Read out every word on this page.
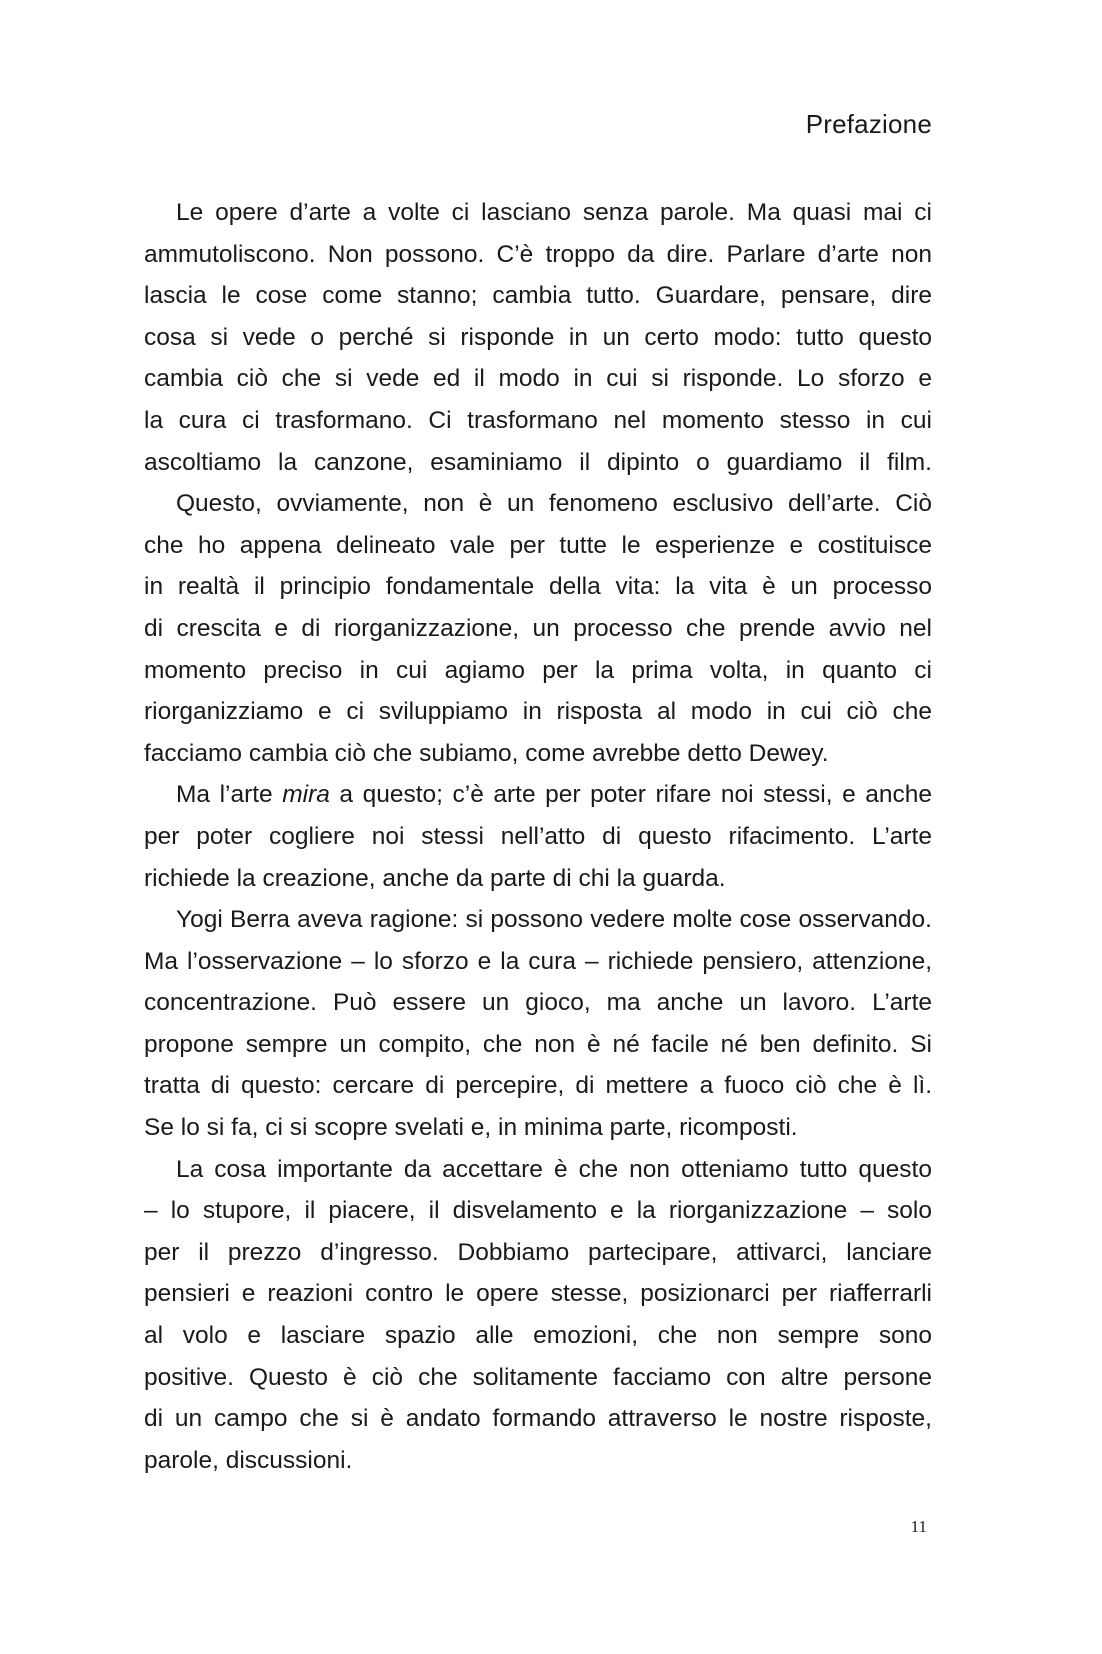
Prefazione
Le opere d’arte a volte ci lasciano senza parole. Ma quasi mai ci
ammutoliscono. Non possono. C’è troppo da dire. Parlare d’arte non
lascia le cose come stanno; cambia tutto. Guardare, pensare, dire
cosa si vede o perché si risponde in un certo modo: tutto questo
cambia ciò che si vede ed il modo in cui si risponde. Lo sforzo e
la cura ci trasformano. Ci trasformano nel momento stesso in cui
ascoltiamo la canzone, esaminiamo il dipinto o guardiamo il film.
Questo, ovviamente, non è un fenomeno esclusivo dell’arte. Ciò
che ho appena delineato vale per tutte le esperienze e costituisce
in realtà il principio fondamentale della vita: la vita è un processo
di crescita e di riorganizzazione, un processo che prende avvio nel
momento preciso in cui agiamo per la prima volta, in quanto ci
riorganizziamo e ci sviluppiamo in risposta al modo in cui ciò che
facciamo cambia ciò che subiamo, come avrebbe detto Dewey.
Ma l’arte mira a questo; c’è arte per poter rifare noi stessi, e anche
per poter cogliere noi stessi nell’atto di questo rifacimento. L’arte
richiede la creazione, anche da parte di chi la guarda.
Yogi Berra aveva ragione: si possono vedere molte cose osservando.
Ma l’osservazione – lo sforzo e la cura – richiede pensiero, attenzione,
concentrazione. Può essere un gioco, ma anche un lavoro. L’arte
propone sempre un compito, che non è né facile né ben definito. Si
tratta di questo: cercare di percepire, di mettere a fuoco ciò che è lì.
Se lo si fa, ci si scopre svelati e, in minima parte, ricomposti.
La cosa importante da accettare è che non otteniamo tutto questo
– lo stupore, il piacere, il disvelamento e la riorganizzazione – solo
per il prezzo d’ingresso. Dobbiamo partecipare, attivarci, lanciare
pensieri e reazioni contro le opere stesse, posizionarci per riafferrarli
al volo e lasciare spazio alle emozioni, che non sempre sono
positive. Questo è ciò che solitamente facciamo con altre persone
di un campo che si è andato formando attraverso le nostre risposte,
parole, discussioni.
11
